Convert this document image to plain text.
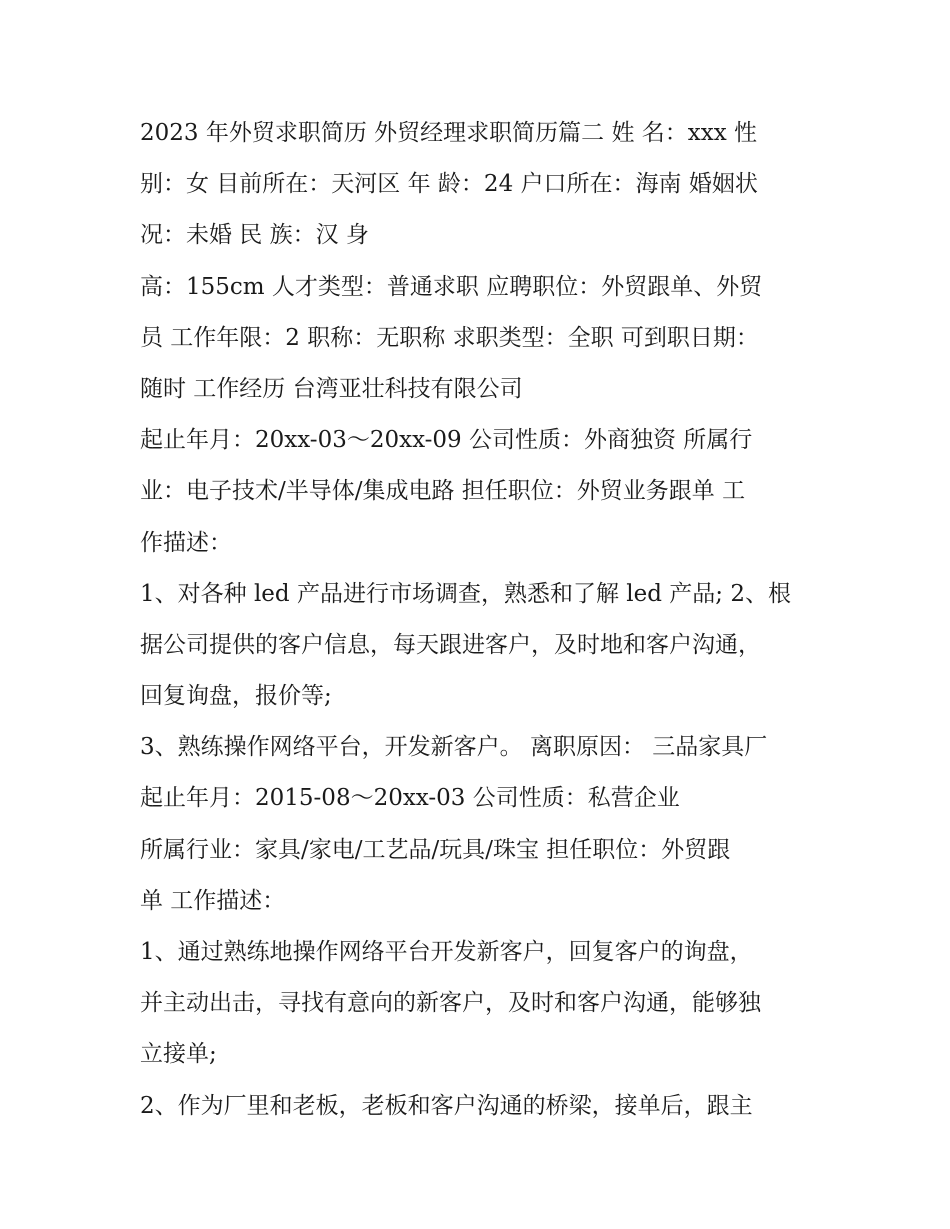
2023 年外贸求职简历 外贸经理求职简历篇二 姓 名：xxx 性
别：女 目前所在：天河区 年 龄：24 户口所在：海南 婚姻状
况：未婚 民 族：汉 身
高：155cm 人才类型：普通求职 应聘职位：外贸跟单、外贸
员 工作年限：2 职称：无职称 求职类型：全职 可到职日期：
随时 工作经历 台湾亚壮科技有限公司
起止年月：20xx-03～20xx-09 公司性质：外商独资 所属行
业：电子技术/半导体/集成电路 担任职位：外贸业务跟单 工
作描述：
1、对各种 led 产品进行市场调查，熟悉和了解 led 产品; 2、根
据公司提供的客户信息，每天跟进客户，及时地和客户沟通，
回复询盘，报价等;
3、熟练操作网络平台，开发新客户。 离职原因： 三品家具厂
起止年月：2015-08～20xx-03 公司性质：私营企业
所属行业：家具/家电/工艺品/玩具/珠宝 担任职位：外贸跟
单 工作描述：
1、通过熟练地操作网络平台开发新客户，回复客户的询盘，
并主动出击，寻找有意向的新客户，及时和客户沟通，能够独
立接单;
2、作为厂里和老板，老板和客户沟通的桥梁，接单后，跟主
